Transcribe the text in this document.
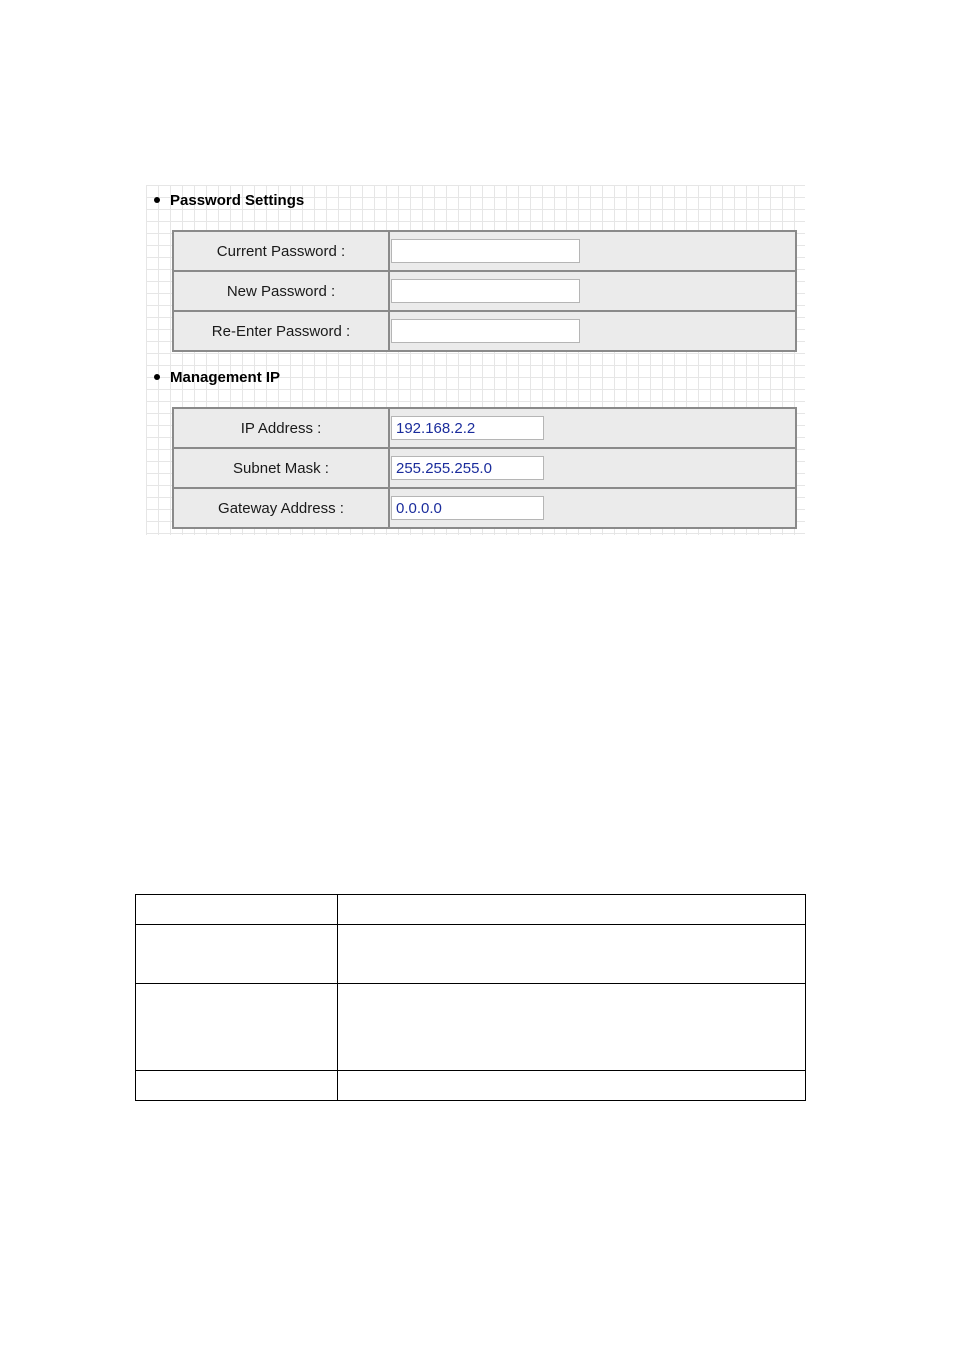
Password Settings
Current Password :
New Password :
Re-Enter Password :
Management IP
IP Address :
192.168.2.2
Subnet Mask :
255.255.255.0
Gateway Address :
0.0.0.0
